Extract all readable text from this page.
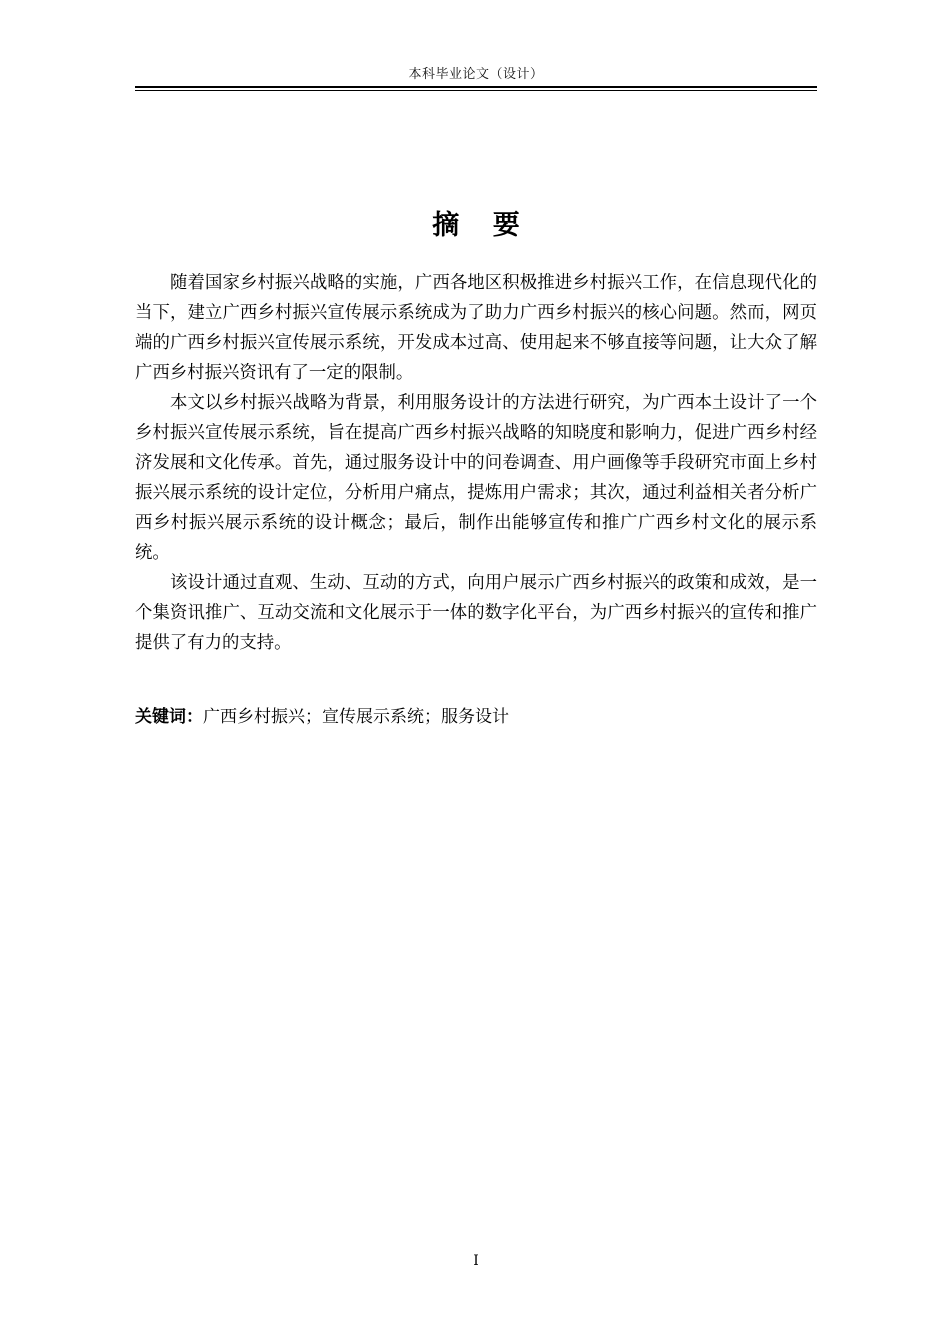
本科毕业论文（设计）
摘 要

随着国家乡村振兴战略的实施，广西各地区积极推进乡村振兴工作，在信息现代化的当下，建立广西乡村振兴宣传展示系统成为了助力广西乡村振兴的核心问题。然而，网页端的广西乡村振兴宣传展示系统，开发成本过高、使用起来不够直接等问题，让大众了解广西乡村振兴资讯有了一定的限制。

本文以乡村振兴战略为背景，利用服务设计的方法进行研究，为广西本土设计了一个乡村振兴宣传展示系统，旨在提高广西乡村振兴战略的知晓度和影响力，促进广西乡村经济发展和文化传承。首先，通过服务设计中的问卷调查、用户画像等手段研究市面上乡村振兴展示系统的设计定位，分析用户痛点，提炼用户需求；其次，通过利益相关者分析广西乡村振兴展示系统的设计概念；最后，制作出能够宣传和推广广西乡村文化的展示系统。

该设计通过直观、生动、互动的方式，向用户展示广西乡村振兴的政策和成效，是一个集资讯推广、互动交流和文化展示于一体的数字化平台，为广西乡村振兴的宣传和推广提供了有力的支持。

关键词：广西乡村振兴；宣传展示系统；服务设计
I
